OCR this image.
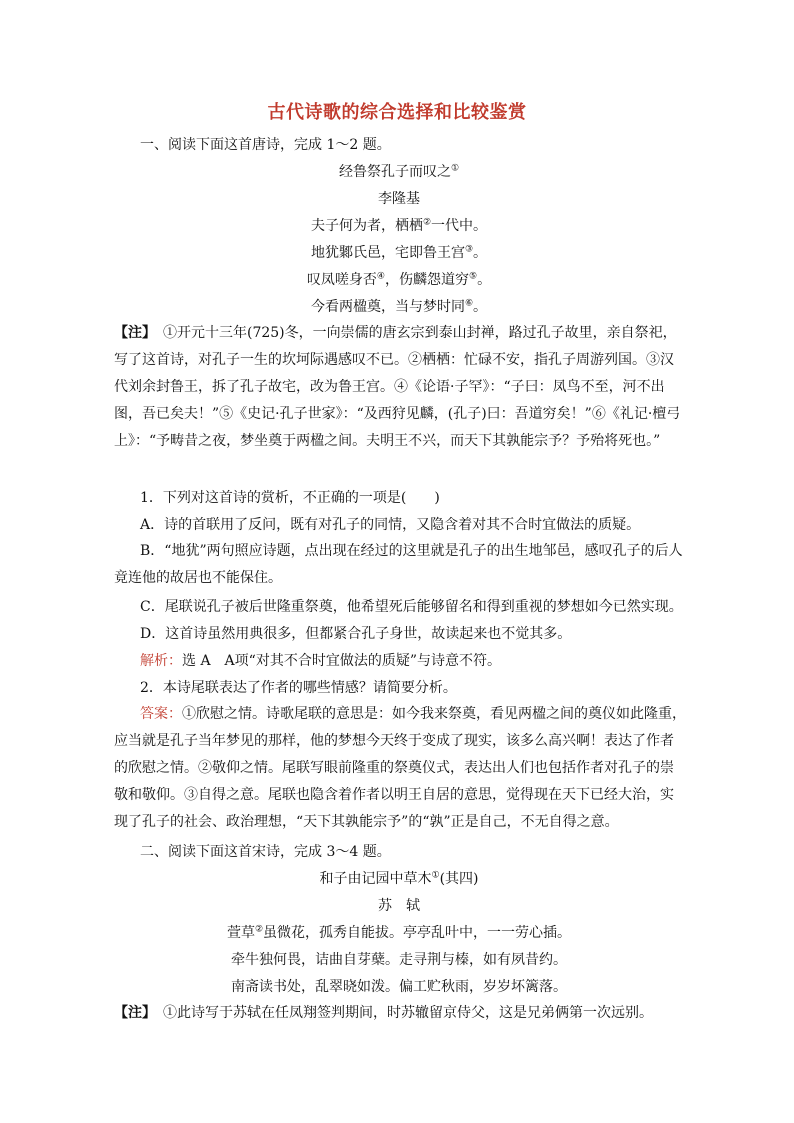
古代诗歌的综合选择和比较鉴赏
一、阅读下面这首唐诗，完成 1～2 题。
经鲁祭孔子而叹之①
李隆基
夫子何为者，栖栖②一代中。
地犹鄹氏邑，宅即鲁王宫③。
叹凤嗟身否④，伤麟怨道穷⑤。
今看两楹奠，当与梦时同⑥。
【注】　 ①开元十三年(725)冬，一向崇儒的唐玄宗到泰山封禅，路过孔子故里，亲自祭祀，写了这首诗，对孔子一生的坎坷际遇感叹不已。②栖栖：忙碌不安，指孔子周游列国。③汉代刘余封鲁王，拆了孔子故宅，改为鲁王宫。④《论语·子罕》：“子曰：凤鸟不至，河不出图，吾已矣夫！”⑤《史记·孔子世家》：“及西狩见麟，(孔子)曰：吾道穷矣！”⑥《礼记·檀弓上》：“予畴昔之夜，梦坐奠于两楹之间。夫明王不兴，而天下其孰能宗予？予殆将死也。”
1．下列对这首诗的赏析，不正确的一项是(　　)
A．诗的首联用了反问，既有对孔子的同情，又隐含着对其不合时宜做法的质疑。
B．“地犹”两句照应诗题，点出现在经过的这里就是孔子的出生地邹邑，感叹孔子的后人竟连他的故居也不能保住。
C．尾联说孔子被后世隆重祭奠，他希望死后能够留名和得到重视的梦想如今已然实现。
D．这首诗虽然用典很多，但都紧合孔子身世，故读起来也不觉其多。
解析：选 A　A项“对其不合时宜做法的质疑”与诗意不符。
2．本诗尾联表达了作者的哪些情感？请简要分析。
答案：①欣慰之情。诗歌尾联的意思是：如今我来祭奠，看见两楹之间的奠仪如此隆重，应当就是孔子当年梦见的那样，他的梦想今天终于变成了现实，该多么高兴啊！表达了作者的欣慰之情。②敬仰之情。尾联写眼前隆重的祭奠仪式，表达出人们也包括作者对孔子的崇敬和敬仰。③自得之意。尾联也隐含着作者以明王自居的意思，觉得现在天下已经大治，实现了孔子的社会、政治理想，“天下其孰能宗予”的“孰”正是自己，不无自得之意。
二、阅读下面这首宋诗，完成 3～4 题。
和子由记园中草木①(其四)
苏　轼
萱草②虽微花，孤秀自能拔。亭亭乱叶中，一一劳心插。
牵牛独何畏，诘曲自芽蘖。走寻荆与榛，如有夙昔约。
南斋读书处，乱翠晓如泼。偏工贮秋雨，岁岁坏篱落。
【注】　 ①此诗写于苏轼在任凤翔签判期间，时苏辙留京侍父，这是兄弟俩第一次远别。
